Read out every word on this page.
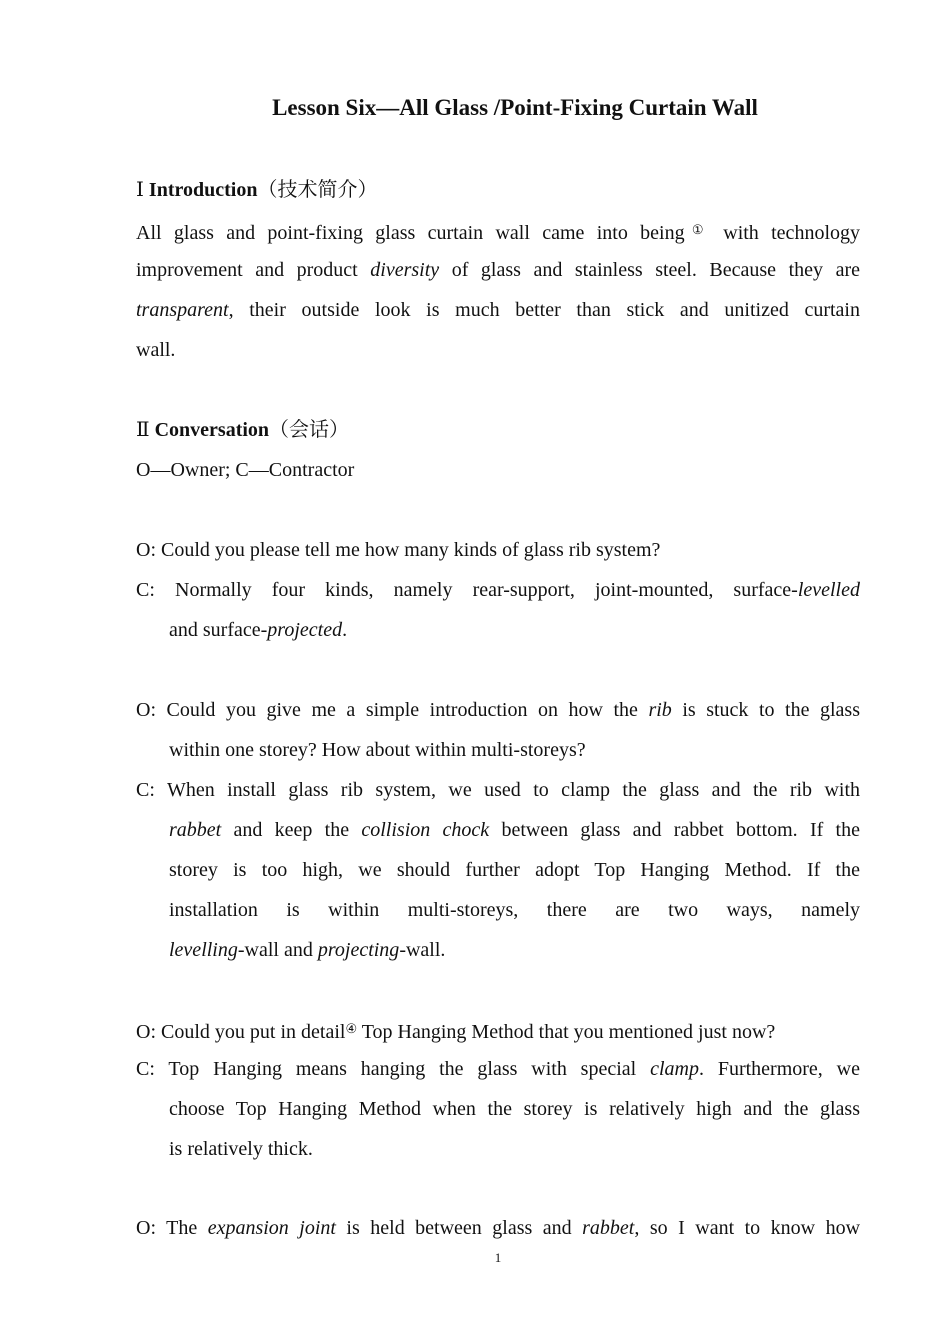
Lesson Six—All Glass /Point-Fixing Curtain Wall
Ⅰ Introduction（技术简介）
All glass and point-fixing glass curtain wall came into being① with technology
improvement and product diversity of glass and stainless steel. Because they are
transparent, their outside look is much better than stick and unitized curtain
wall.
Ⅱ Conversation（会话）
O—Owner; C—Contractor
O: Could you please tell me how many kinds of glass rib system?
C: Normally four kinds, namely rear-support, joint-mounted, surface-levelled
and surface-projected.
O: Could you give me a simple introduction on how the rib is stuck to the glass
within one storey? How about within multi-storeys?
C: When install glass rib system, we used to clamp the glass and the rib with
rabbet and keep the collision chock between glass and rabbet bottom. If the
storey is too high, we should further adopt Top Hanging Method. If the
installation is within multi-storeys, there are two ways, namely
levelling-wall and projecting-wall.
O: Could you put in detail④ Top Hanging Method that you mentioned just now?
C: Top Hanging means hanging the glass with special clamp. Furthermore, we
choose Top Hanging Method when the storey is relatively high and the glass
is relatively thick.
O: The expansion joint is held between glass and rabbet, so I want to know how
1
